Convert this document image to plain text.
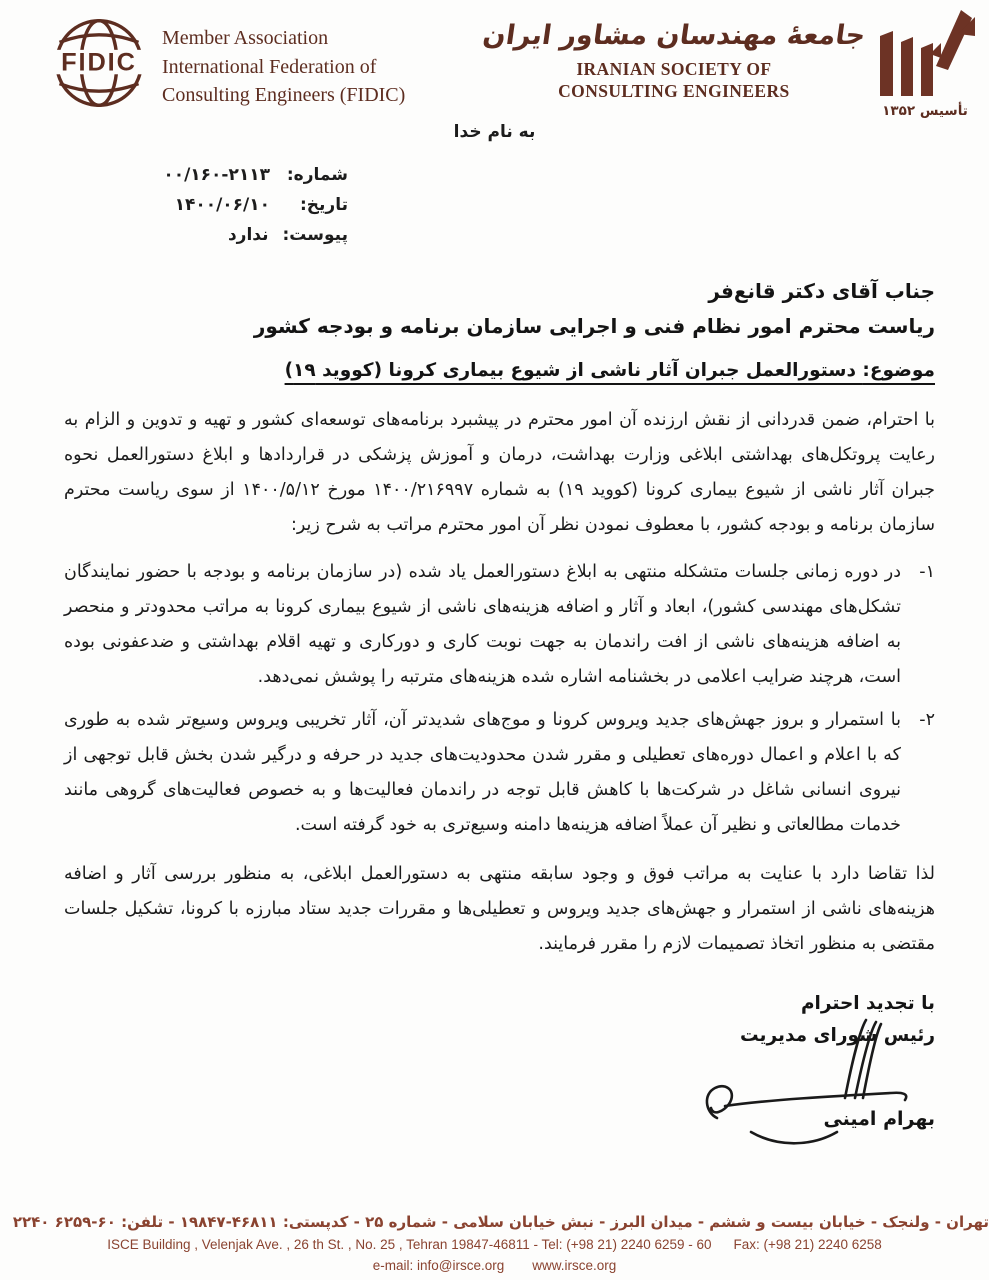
FIDIC
Member Association
International Federation of
Consulting Engineers (FIDIC)
جامعۀ مهندسان مشاور ایران
IRANIAN SOCIETY OF
CONSULTING ENGINEERS
تأسیس ۱۳۵۲
به نام خدا
شماره:
۰۰/۱۶۰-۲۱۱۳
تاریخ:
۱۴۰۰/۰۶/۱۰
پیوست:
ندارد
جناب آقای دکتر قانع‌فر
ریاست محترم امور نظام فنی و اجرایی سازمان برنامه و بودجه کشور
موضوع: دستورالعمل جبران آثار ناشی از شیوع بیماری کرونا (کووید ۱۹)

با احترام، ضمن قدردانی از نقش ارزنده آن امور محترم در پیشبرد برنامه‌های توسعه‌ای کشور و تهیه و تدوین و الزام به رعایت پروتکل‌های بهداشتی ابلاغی وزارت بهداشت، درمان و آموزش پزشکی در قراردادها و ابلاغ دستورالعمل نحوه جبران آثار ناشی از شیوع بیماری کرونا (کووید ۱۹) به شماره ۱۴۰۰/۲۱۶۹۹۷ مورخ ۱۴۰۰/۵/۱۲ از سوی ریاست محترم سازمان برنامه و بودجه کشور، با معطوف نمودن نظر آن امور محترم مراتب به شرح زیر:

۱-
در دوره زمانی جلسات متشکله منتهی به ابلاغ دستورالعمل یاد شده (در سازمان برنامه و بودجه با حضور نمایندگان تشکل‌های مهندسی کشور)، ابعاد و آثار و اضافه هزینه‌های ناشی از شیوع بیماری کرونا به مراتب محدودتر و منحصر به اضافه هزینه‌های ناشی از افت راندمان به جهت نوبت کاری و دورکاری و تهیه اقلام بهداشتی و ضدعفونی بوده است، هرچند ضرایب اعلامی در بخشنامه اشاره شده هزینه‌های مترتبه را پوشش نمی‌دهد.
۲-
با استمرار و بروز جهش‌های جدید ویروس کرونا و موج‌های شدیدتر آن، آثار تخریبی ویروس وسیع‌تر شده به طوری که با اعلام و اعمال دوره‌های تعطیلی و مقرر شدن محدودیت‌های جدید در حرفه و درگیر شدن بخش قابل توجهی از نیروی انسانی شاغل در شرکت‌ها با کاهش قابل توجه در راندمان فعالیت‌ها و به خصوص فعالیت‌های گروهی مانند خدمات مطالعاتی و نظیر آن عملاً اضافه هزینه‌ها دامنه وسیع‌تری به خود گرفته است.

لذا تقاضا دارد با عنایت به مراتب فوق و وجود سابقه منتهی به دستورالعمل ابلاغی، به منظور بررسی آثار و اضافه هزینه‌های ناشی از استمرار و جهش‌های جدید ویروس و تعطیلی‌ها و مقررات جدید ستاد مبارزه با کرونا، تشکیل جلسات مقتضی به منظور اتخاذ تصمیمات لازم را مقرر فرمایند.

با تجدید احترام
رئیس شورای مدیریت
بهرام امینی
تهران - ولنجک - خیابان بیست و ششم - میدان البرز - نبش خیابان سلامی - شماره ۲۵ - کدپستی: ۱۹۸۴۷-۴۶۸۱۱ - تلفن: ۲۲۴۰ ۶۲۵۹-۶۰
ISCE Building , Velenjak Ave. , 26 th St. , No. 25 , Tehran 19847-46811 - Tel: (+98 21) 2240 6259 - 60 Fax: (+98 21) 2240 6258
e-mail: info@irsce.org www.irsce.org
